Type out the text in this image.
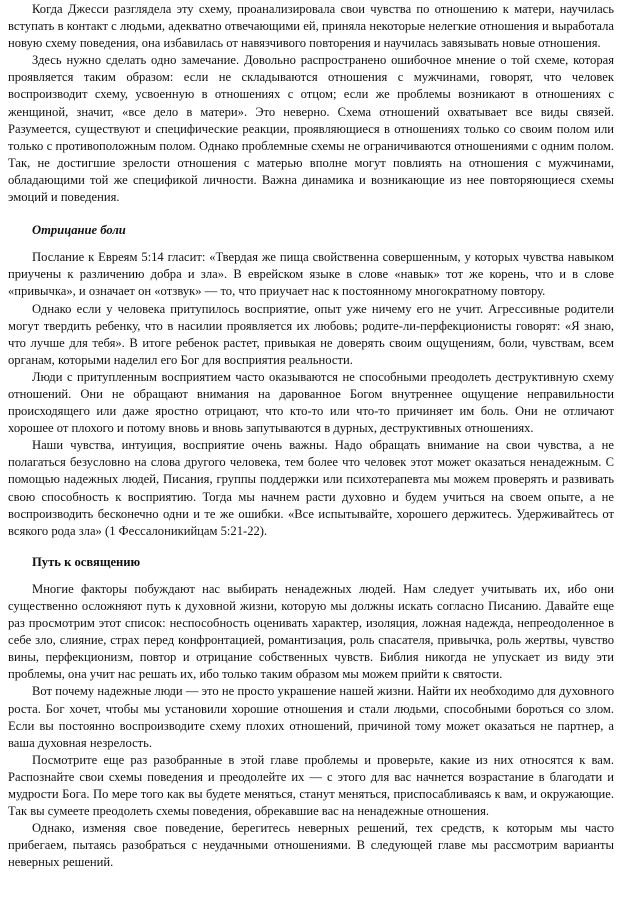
Когда Джесси разглядела эту схему, проанализировала свои чувства по отношению к матери, научилась вступать в контакт с людьми, адекватно отвечающими ей, приняла некоторые нелегкие отношения и выработала новую схему поведения, она избавилась от навязчивого повторения и научилась завязывать новые отношения.

Здесь нужно сделать одно замечание. Довольно распространено ошибочное мнение о той схеме, которая проявляется таким образом: если не складываются отношения с мужчинами, говорят, что человек воспроизводит схему, усвоенную в отношениях с отцом; если же проблемы возникают в отношениях с женщиной, значит, «все дело в матери». Это неверно. Схема отношений охватывает все виды связей. Разумеется, существуют и специфические реакции, проявляющиеся в отношениях только со своим полом или только с противоположным полом. Однако проблемные схемы не ограничиваются отношениями с одним полом. Так, не достигшие зрелости отношения с матерью вполне могут повлиять на отношения с мужчинами, обладающими той же спецификой личности. Важна динамика и возникающие из нее повторяющиеся схемы эмоций и поведения.

Отрицание боли

Послание к Евреям 5:14 гласит: «Твердая же пища свойственна совершенным, у которых чувства навыком приучены к различению добра и зла». В еврейском языке в слове «навык» тот же корень, что и в слове «привычка», и означает он «отзвук» — то, что приучает нас к постоянному многократному повтору.

Однако если у человека притупилось восприятие, опыт уже ничему его не учит. Агрессивные родители могут твердить ребенку, что в насилии проявляется их любовь; родите-ли-перфекционисты говорят: «Я знаю, что лучше для тебя». В итоге ребенок растет, привыкая не доверять своим ощущениям, боли, чувствам, всем органам, которыми наделил его Бог для восприятия реальности.

Люди с притупленным восприятием часто оказываются не способными преодолеть деструктивную схему отношений. Они не обращают внимания на дарованное Богом внутреннее ощущение неправильности происходящего или даже яростно отрицают, что кто-то или что-то причиняет им боль. Они не отличают хорошее от плохого и потому вновь и вновь запутываются в дурных, деструктивных отношениях.

Наши чувства, интуиция, восприятие очень важны. Надо обращать внимание на свои чувства, а не полагаться безусловно на слова другого человека, тем более что человек этот может оказаться ненадежным. С помощью надежных людей, Писания, группы поддержки или психотерапевта мы можем проверять и развивать свою способность к восприятию. Тогда мы начнем расти духовно и будем учиться на своем опыте, а не воспроизводить бесконечно одни и те же ошибки. «Все испытывайте, хорошего держитесь. Удерживайтесь от всякого рода зла» (1 Фессалоникийцам 5:21-22).

Путь к освящению

Многие факторы побуждают нас выбирать ненадежных людей. Нам следует учитывать их, ибо они существенно осложняют путь к духовной жизни, которую мы должны искать согласно Писанию. Давайте еще раз просмотрим этот список: неспособность оценивать характер, изоляция, ложная надежда, непреодоленное в себе зло, слияние, страх перед конфронтацией, романтизация, роль спасателя, привычка, роль жертвы, чувство вины, перфекционизм, повтор и отрицание собственных чувств. Библия никогда не упускает из виду эти проблемы, она учит нас решать их, ибо только таким образом мы можем прийти к святости.

Вот почему надежные люди — это не просто украшение нашей жизни. Найти их необходимо для духовного роста. Бог хочет, чтобы мы установили хорошие отношения и стали людьми, способными бороться со злом. Если вы постоянно воспроизводите схему плохих отношений, причиной тому может оказаться не партнер, а ваша духовная незрелость.

Посмотрите еще раз разобранные в этой главе проблемы и проверьте, какие из них относятся к вам. Распознайте свои схемы поведения и преодолейте их — с этого для вас начнется возрастание в благодати и мудрости Бога. По мере того как вы будете меняться, станут меняться, приспосабливаясь к вам, и окружающие. Так вы сумеете преодолеть схемы поведения, обрекавшие вас на ненадежные отношения.

Однако, изменяя свое поведение, берегитесь неверных решений, тех средств, к которым мы часто прибегаем, пытаясь разобраться с неудачными отношениями. В следующей главе мы рассмотрим варианты неверных решений.
